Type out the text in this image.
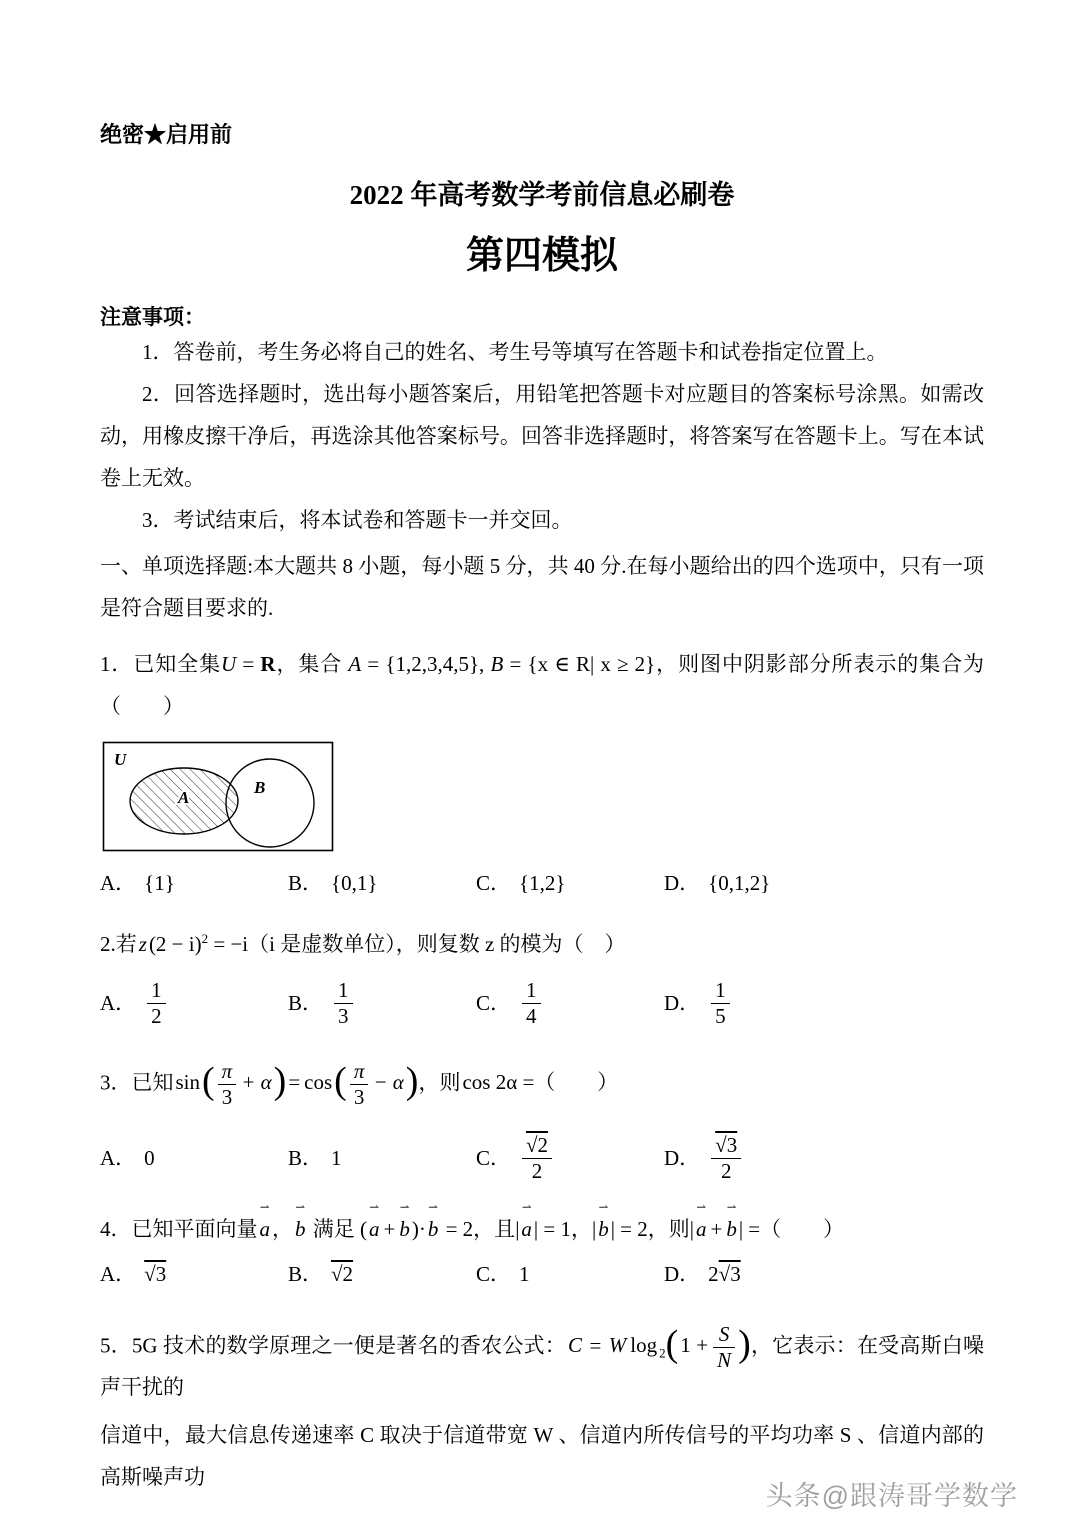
绝密★启用前
2022 年高考数学考前信息必刷卷
第四模拟
注意事项：

1．答卷前，考生务必将自己的姓名、考生号等填写在答题卡和试卷指定位置上。

2．回答选择题时，选出每小题答案后，用铅笔把答题卡对应题目的答案标号涂黑。如需改动，用橡皮擦干净后，再选涂其他答案标号。回答非选择题时，将答案写在答题卡上。写在本试卷上无效。

3．考试结束后，将本试卷和答题卡一并交回。

一、单项选择题:本大题共 8 小题，每小题 5 分，共 40 分.在每小题给出的四个选项中，只有一项是符合题目要求的.

1．已知全集U = R，集合 A = {1,2,3,4,5}, B = {x ∈ R| x ≥ 2}，则图中阴影部分所表示的集合为（　　）

U
A
B
A． {1}	B． {0,1}	C． {1,2}	D． {0,1,2}

2.若$z(2 - i)^2 = -i(i$ 是虚数单位），则复数 z 的模为（　）

A． $\frac{1}{2}$	B． $\frac{1}{3}$	C． $\frac{1}{4}$	D． $\frac{1}{5}$

3．已知$\sin( \frac{\pi}{3} + \alpha)= \cos( \frac{\pi}{3} - \alpha)$，则cos 2α =（　　）

A． 0	B． 1	C． $\frac{√2}{2}$	D． $\frac{√3}{2}$

4．已知平面向量a ⇀，b ⇀ 满足 (a ⇀ + b ⇀)·b ⇀ = 2，且|a ⇀| = 1，|b ⇀| = 2，则|a ⇀ + b ⇀| =（　　）

A． √3	B． √2	C． 1	D． 2 √3

5．5G 技术的数学原理之一便是著名的香农公式：C = W $\log _2(1 + \frac{S}{N}$ )，它表示：在受高斯白噪声干扰的

信道中，最大信息传递速率 C 取决于信道带宽 W 、信道内所传信号的平均功率 S 、信道内部的高斯噪声功

头条@跟涛哥学数学
